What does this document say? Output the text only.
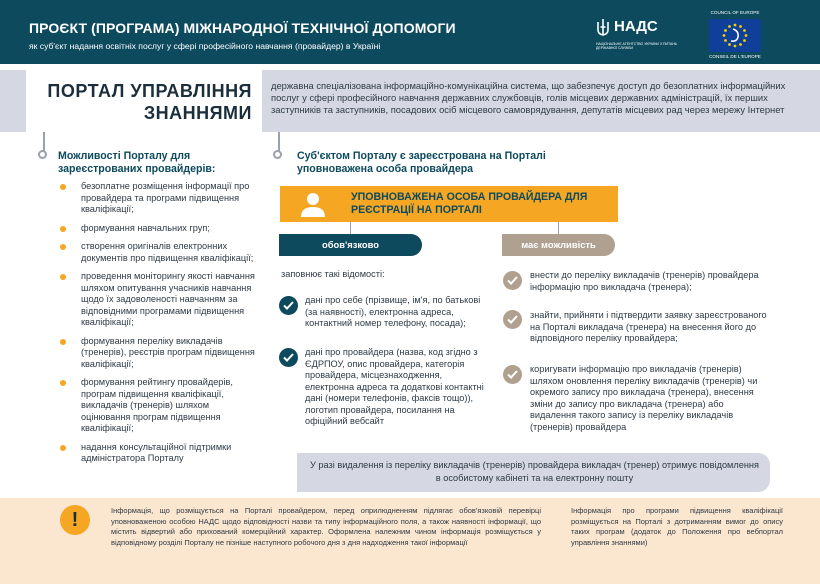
ПРОЄКТ (ПРОГРАМА) МІЖНАРОДНОЇ ТЕХНІЧНОЇ ДОПОМОГИ
як суб'єкт надання освітніх послуг у сфері професійного навчання (провайдер) в Україні
НАДС
НАЦІОНАЛЬНЕ АГЕНТСТВО УКРАЇНИ З ПИТАНЬ ДЕРЖАВНОЇ СЛУЖБИ
COUNCIL OF EUROPE
CONSEIL DE L'EUROPE
ПОРТАЛ УПРАВЛІННЯ
ЗНАННЯМИ
державна спеціалізована інформаційно-комунікаційна система, що забезпечує доступ до безоплатних інформаційних послуг у сфері професійного навчання державних службовців, голів місцевих державних адміністрацій, їх перших заступників та заступників, посадових осіб місцевого самоврядування, депутатів місцевих рад через мережу Інтернет
Можливості Порталу для зареєстрованих провайдерів:
безоплатне розміщення інформації про провайдера та програми підвищення кваліфікації;
формування навчальних груп;
створення оригіналів електронних документів про підвищення кваліфікації;
проведення моніторингу якості навчання шляхом опитування учасників навчання щодо їх задоволеності навчанням за відповідними програмами підвищення кваліфікації;
формування переліку викладачів (тренерів), реєстрів програм підвищення кваліфікації;
формування рейтингу провайдерів, програм підвищення кваліфікації, викладачів (тренерів) шляхом оцінювання програм підвищення кваліфікації;
надання консультаційної підтримки адміністратора Порталу
Суб'єктом Порталу є зареєстрована на Порталі уповноважена особа провайдера
УПОВНОВАЖЕНА ОСОБА ПРОВАЙДЕРА ДЛЯ РЕЄСТРАЦІЇ НА ПОРТАЛІ
обов'язково	має можливість
заповнює такі відомості:
дані про себе (прізвище, ім'я, по батькові (за наявності), електронна адреса, контактний номер телефону, посада);
дані про провайдера (назва, код згідно з ЄДРПОУ, опис провайдера, категорія провайдера, місцезнаходження, електронна адреса та додаткові контактні дані (номери телефонів, факсів тощо)), логотип провайдера, посилання на офіційний вебсайт
внести до переліку викладачів (тренерів) провайдера інформацію про викладача (тренера);
знайти, прийняти і підтвердити заявку зареєстрованого на Порталі викладача (тренера) на внесення його до відповідного переліку провайдера;
коригувати інформацію про викладачів (тренерів) шляхом оновлення переліку викладачів (тренерів) чи окремого запису про викладача (тренера), внесення зміни до запису про викладача (тренера) або видалення такого запису із переліку викладачів (тренерів) провайдера
У разі видалення із переліку викладачів (тренерів) провайдера викладач (тренер) отримує повідомлення в особистому кабінеті та на електронну пошту
!	Інформація, що розміщується на Порталі провайдером, перед оприлюдненням підлягає обов'язковій перевірці уповноваженою особою НАДС щодо відповідності назви та типу інформаційного поля, а також наявності інформації, що містить відвертий або прихований комерційний характер. Оформлена належним чином інформація розміщується у відповідному розділі Порталу не пізніше наступного робочого дня з дня надходження такої інформації
Інформація про програми підвищення кваліфікації розміщується на Порталі з дотриманням вимог до опису таких програм (додаток до Положення про вебпортал управління знаннями)
